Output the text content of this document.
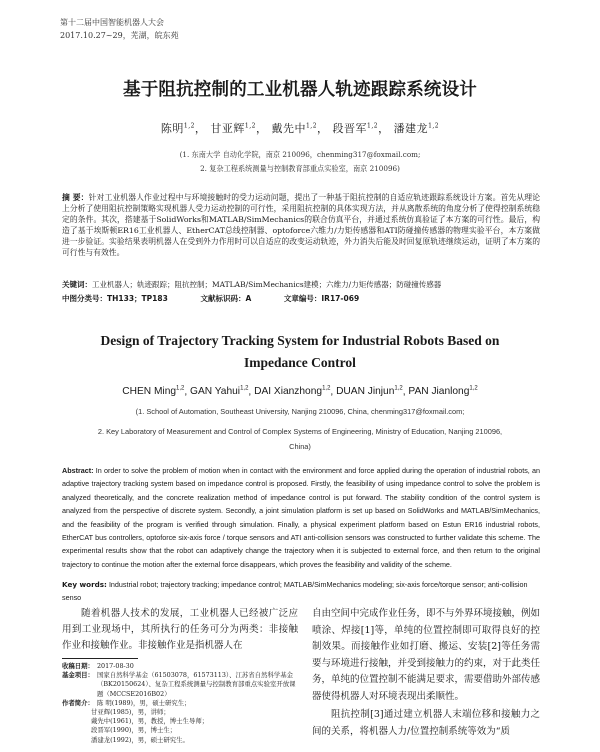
第十二届中国智能机器人大会
2017.10.27~29，芜湖，皖东苑
基于阻抗控制的工业机器人轨迹跟踪系统设计
陈明$^{1,2}$， 甘亚辉$^{1,2}$， 戴先中$^{1,2}$， 段晋军$^{1,2}$， 潘建龙$^{1,2}$
(1. 东南大学 自动化学院，南京 210096，chenming317@foxmail.com;
2. 复杂工程系统测量与控制教育部重点实验室，南京 210096)
摘 要：针对工业机器人作业过程中与环境接触时的受力运动问题，提出了一种基于阻抗控制的自适应轨迹跟踪系统设计方案。首先从理论上分析了使用阻抗控制策略实现机器人受力运动控制的可行性，采用阻抗控制的具体实现方法，并从离散系统的角度分析了使得控制系统稳定的条件。其次，搭建基于SolidWorks和MATLAB/SimMechanics的联合仿真平台，并通过系统仿真验证了本方案的可行性。最后，构造了基于埃斯顿ER16工业机器人、EtherCAT总线控制器、optoforce六维力/力矩传感器和ATI防碰撞传感器的物理实验平台，本方案做进一步验证。实验结果表明机器人在受到外力作用时可以自适应的改变运动轨迹，外力消失后能及时回复原轨迹继续运动，证明了本方案的可行性与有效性。
关键词：工业机器人；轨迹跟踪；阻抗控制；MATLAB/SimMechanics建模；六维力/力矩传感器；防碰撞传感器
中图分类号：TH133；TP183	文献标识码：A	文章编号：IR17-069
Design of Trajectory Tracking System for Industrial Robots Based on Impedance Control
CHEN Ming$^{1,2}$, GAN Yahui$^{1,2}$, DAI Xianzhong$^{1,2}$, DUAN Jinjun$^{1,2}$, PAN Jianlong$^{1,2}$
(1. School of Automation, Southeast University, Nanjing 210096, China, chenming317@foxmail.com;
2. Key Laboratory of Measurement and Control of Complex Systems of Engineering, Ministry of Education, Nanjing 210096, China)
Abstract: In order to solve the problem of motion when in contact with the environment and force applied during the operation of industrial robots, an adaptive trajectory tracking system based on impedance control is proposed. Firstly, the feasibility of using impedance control to solve the problem is analyzed theoretically, and the concrete realization method of impedance control is put forward. The stability condition of the control system is analyzed from the perspective of discrete system. Secondly, a joint simulation platform is set up based on SolidWorks and MATLAB/SimMechanics, and the feasibility of the program is verified through simulation. Finally, a physical experiment platform based on Estun ER16 industrial robots, EtherCAT bus controllers, optoforce six-axis force / torque sensors and ATI anti-collision sensors was constructed to further validate this scheme. The experimental results show that the robot can adaptively change the trajectory when it is subjected to external force, and then return to the original trajectory to continue the motion after the external force disappears, which proves the feasibility and validity of the scheme.
Key words: Industrial robot; trajectory tracking; impedance control; MATLAB/SimMechanics modeling; six-axis force/torque sensor; anti-collision senso

随着机器人技术的发展，工业机器人已经被广泛应用到工业现场中，其所执行的任务可分为两类：非接触作业和接触作业。非接触作业是指机器人在

收稿日期： 2017-08-30
基金项目： 国家自然科学基金（61503078，61573113）、江苏省自然科学基金（BK20150624）、复杂工程系统测量与控制教育部重点实验室开放课题（MCCSE2016B02）
作者简介： 陈 明(1989)，男，硕士研究生；
甘亚辉(1985)，男，讲师；
戴先中(1961)，男，教授，博士生导师；
段晋军(1990)，男，博士生；
潘建龙(1992)，男，硕士研究生。

自由空间中完成作业任务，即不与外界环境接触，例如喷涂、焊接[1]等，单纯的位置控制即可取得良好的控制效果。而接触作业如打磨、搬运、安装[2]等任务需要与环境进行接触，并受到接触力的约束，对于此类任务，单纯的位置控制不能满足要求，需要借助外部传感器使得机器人对环境表现出柔顺性。

阻抗控制[3]通过建立机器人末端位移和接触力之间的关系，将机器人力/位置控制系统等效为“质
